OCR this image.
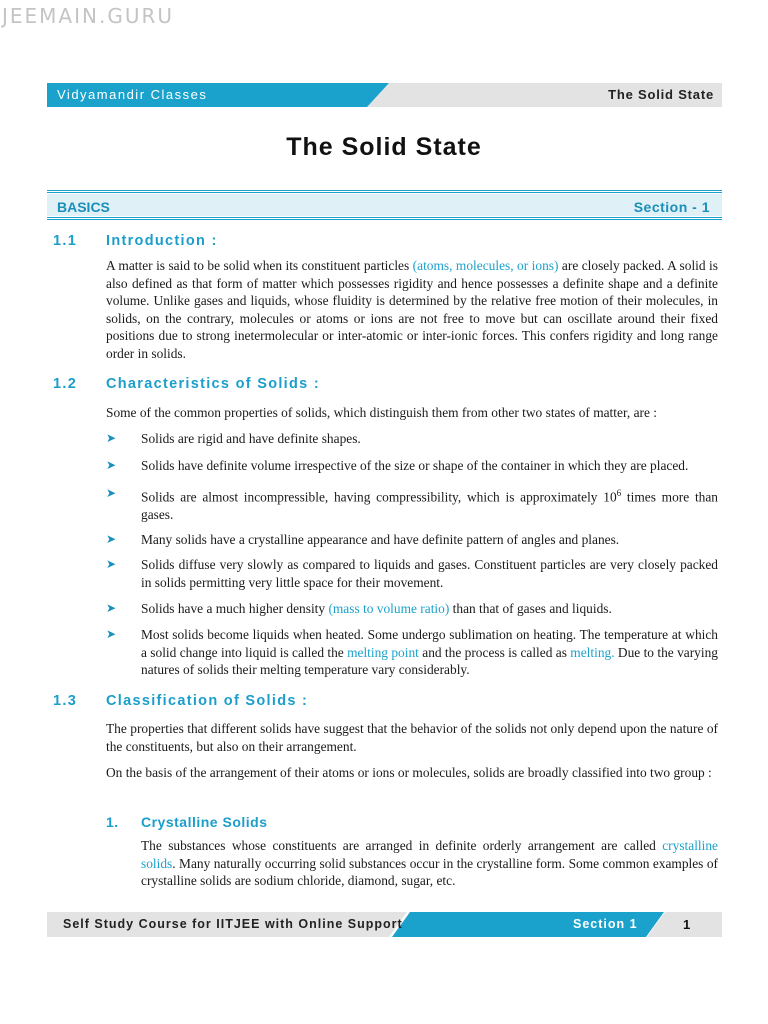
JEEMAIN.GURU
Vidyamandir Classes	The Solid State
The Solid State
BASICS	Section - 1
1.1	Introduction :

A matter is said to be solid when its constituent particles (atoms, molecules, or ions) are closely packed. A solid is also defined as that form of matter which possesses rigidity and hence possesses a definite shape and a definite volume. Unlike gases and liquids, whose fluidity is determined by the relative free motion of their molecules, in solids, on the contrary, molecules or atoms or ions are not free to move but can oscillate around their fixed positions due to strong inetermolecular or inter-atomic or inter-ionic forces. This confers rigidity and long range order in solids.

1.2	Characteristics of Solids :

Some of the common properties of solids, which distinguish them from other two states of matter, are :

➤ Solids are rigid and have definite shapes.
➤ Solids have definite volume irrespective of the size or shape of the container in which they are placed.
➤ Solids are almost incompressible, having compressibility, which is approximately $10^6$ times more than gases.
➤ Many solids have a crystalline appearance and have definite pattern of angles and planes.
➤ Solids diffuse very slowly as compared to liquids and gases. Constituent particles are very closely packed in solids permitting very little space for their movement.
➤ Solids have a much higher density (mass to volume ratio) than that of gases and liquids.
➤ Most solids become liquids when heated. Some undergo sublimation on heating. The temperature at which a solid change into liquid is called the melting point and the process is called as melting. Due to the varying natures of solids their melting temperature vary considerably.
1.3	Classification of Solids :

The properties that different solids have suggest that the behavior of the solids not only depend upon the nature of the constituents, but also on their arrangement.

On the basis of the arrangement of their atoms or ions or molecules, solids are broadly classified into two group :

1. Crystalline Solids

The substances whose constituents are arranged in definite orderly arrangement are called crystalline solids. Many naturally occurring solid substances occur in the crystalline form. Some common examples of crystalline solids are sodium chloride, diamond, sugar, etc.

Self Study Course for IITJEE with Online Support	Section 1	1
